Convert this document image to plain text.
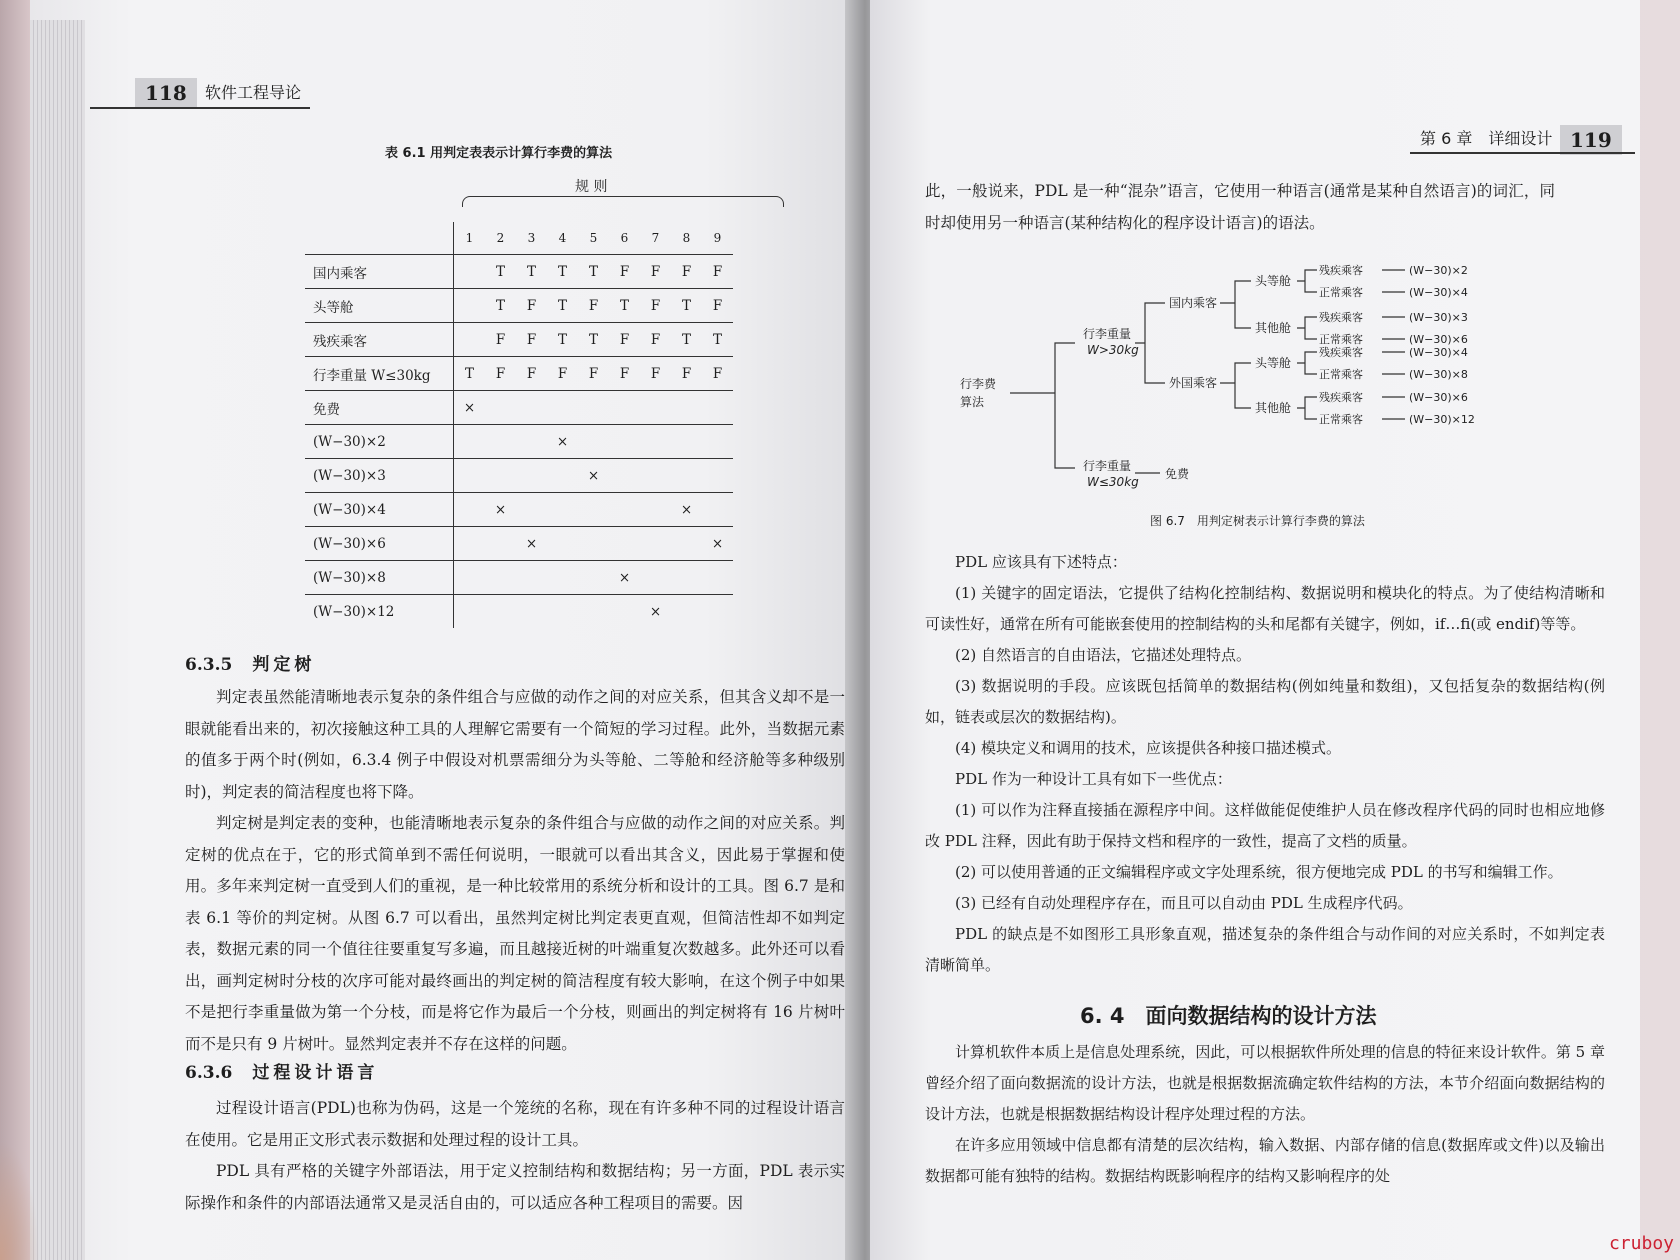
118	软件工程导论
表 6.1 用判定表表示计算行李费的算法
规 则
	1	2	3	4	5	6	7	8	9
国内乘客		T	T	T	T	F	F	F	F
头等舱		T	F	T	F	T	F	T	F
残疾乘客		F	F	T	T	F	F	T	T
行李重量 W≤30kg	T	F	F	F	F	F	F	F	F
免费	×								
(W−30)×2				×					
(W−30)×3					×				
(W−30)×4		×						×	
(W−30)×6			×						×
(W−30)×8						×			
(W−30)×12							×		
6.3.5 判定树

判定表虽然能清晰地表示复杂的条件组合与应做的动作之间的对应关系，但其含义却不是一眼就能看出来的，初次接触这种工具的人理解它需要有一个简短的学习过程。此外，当数据元素的值多于两个时(例如，6.3.4 例子中假设对机票需细分为头等舱、二等舱和经济舱等多种级别时)，判定表的简洁程度也将下降。

判定树是判定表的变种，也能清晰地表示复杂的条件组合与应做的动作之间的对应关系。判定树的优点在于，它的形式简单到不需任何说明，一眼就可以看出其含义，因此易于掌握和使用。多年来判定树一直受到人们的重视，是一种比较常用的系统分析和设计的工具。图 6.7 是和表 6.1 等价的判定树。从图 6.7 可以看出，虽然判定树比判定表更直观，但简洁性却不如判定表，数据元素的同一个值往往要重复写多遍，而且越接近树的叶端重复次数越多。此外还可以看出，画判定树时分枝的次序可能对最终画出的判定树的简洁程度有较大影响，在这个例子中如果不是把行李重量做为第一个分枝，而是将它作为最后一个分枝，则画出的判定树将有 16 片树叶而不是只有 9 片树叶。显然判定表并不存在这样的问题。

6.3.6 过程设计语言

过程设计语言(PDL)也称为伪码，这是一个笼统的名称，现在有许多种不同的过程设计语言在使用。它是用正文形式表示数据和处理过程的设计工具。

PDL 具有严格的关键字外部语法，用于定义控制结构和数据结构；另一方面，PDL 表示实际操作和条件的内部语法通常又是灵活自由的，可以适应各种工程项目的需要。因

第 6 章　详细设计 119

此，一般说来，PDL 是一种“混杂”语言，它使用一种语言(通常是某种自然语言)的词汇，同时却使用另一种语言(某种结构化的程序设计语言)的语法。

图 6.7　用判定树表示计算行李费的算法

PDL 应该具有下述特点：

(1) 关键字的固定语法，它提供了结构化控制结构、数据说明和模块化的特点。为了使结构清晰和可读性好，通常在所有可能嵌套使用的控制结构的头和尾都有关键字，例如，if…fi(或 endif)等等。

(2) 自然语言的自由语法，它描述处理特点。

(3) 数据说明的手段。应该既包括简单的数据结构(例如纯量和数组)，又包括复杂的数据结构(例如，链表或层次的数据结构)。

(4) 模块定义和调用的技术，应该提供各种接口描述模式。

PDL 作为一种设计工具有如下一些优点：

(1) 可以作为注释直接插在源程序中间。这样做能促使维护人员在修改程序代码的同时也相应地修改 PDL 注释，因此有助于保持文档和程序的一致性，提高了文档的质量。

(2) 可以使用普通的正文编辑程序或文字处理系统，很方便地完成 PDL 的书写和编辑工作。

(3) 已经有自动处理程序存在，而且可以自动由 PDL 生成程序代码。

PDL 的缺点是不如图形工具形象直观，描述复杂的条件组合与动作间的对应关系时，不如判定表清晰简单。

6. 4　 面向数据结构的设计方法

计算机软件本质上是信息处理系统，因此，可以根据软件所处理的信息的特征来设计软件。第 5 章曾经介绍了面向数据流的设计方法，也就是根据数据流确定软件结构的方法，本节介绍面向数据结构的设计方法，也就是根据数据结构设计程序处理过程的方法。

在许多应用领域中信息都有清楚的层次结构，输入数据、内部存储的信息(数据库或文件)以及输出数据都可能有独特的结构。数据结构既影响程序的结构又影响程序的处

行李费
算法
行李重量
W>30kg
行李重量
W≤30kg
免费
国内乘客
外国乘客
头等舱
其他舱
头等舱
其他舱
残疾乘客
正常乘客
残疾乘客
正常乘客
残疾乘客
正常乘客
残疾乘客
正常乘客
(W−30)×2
(W−30)×4
(W−30)×3
(W−30)×6
(W−30)×4
(W−30)×8
(W−30)×6
(W−30)×12
cruboy
